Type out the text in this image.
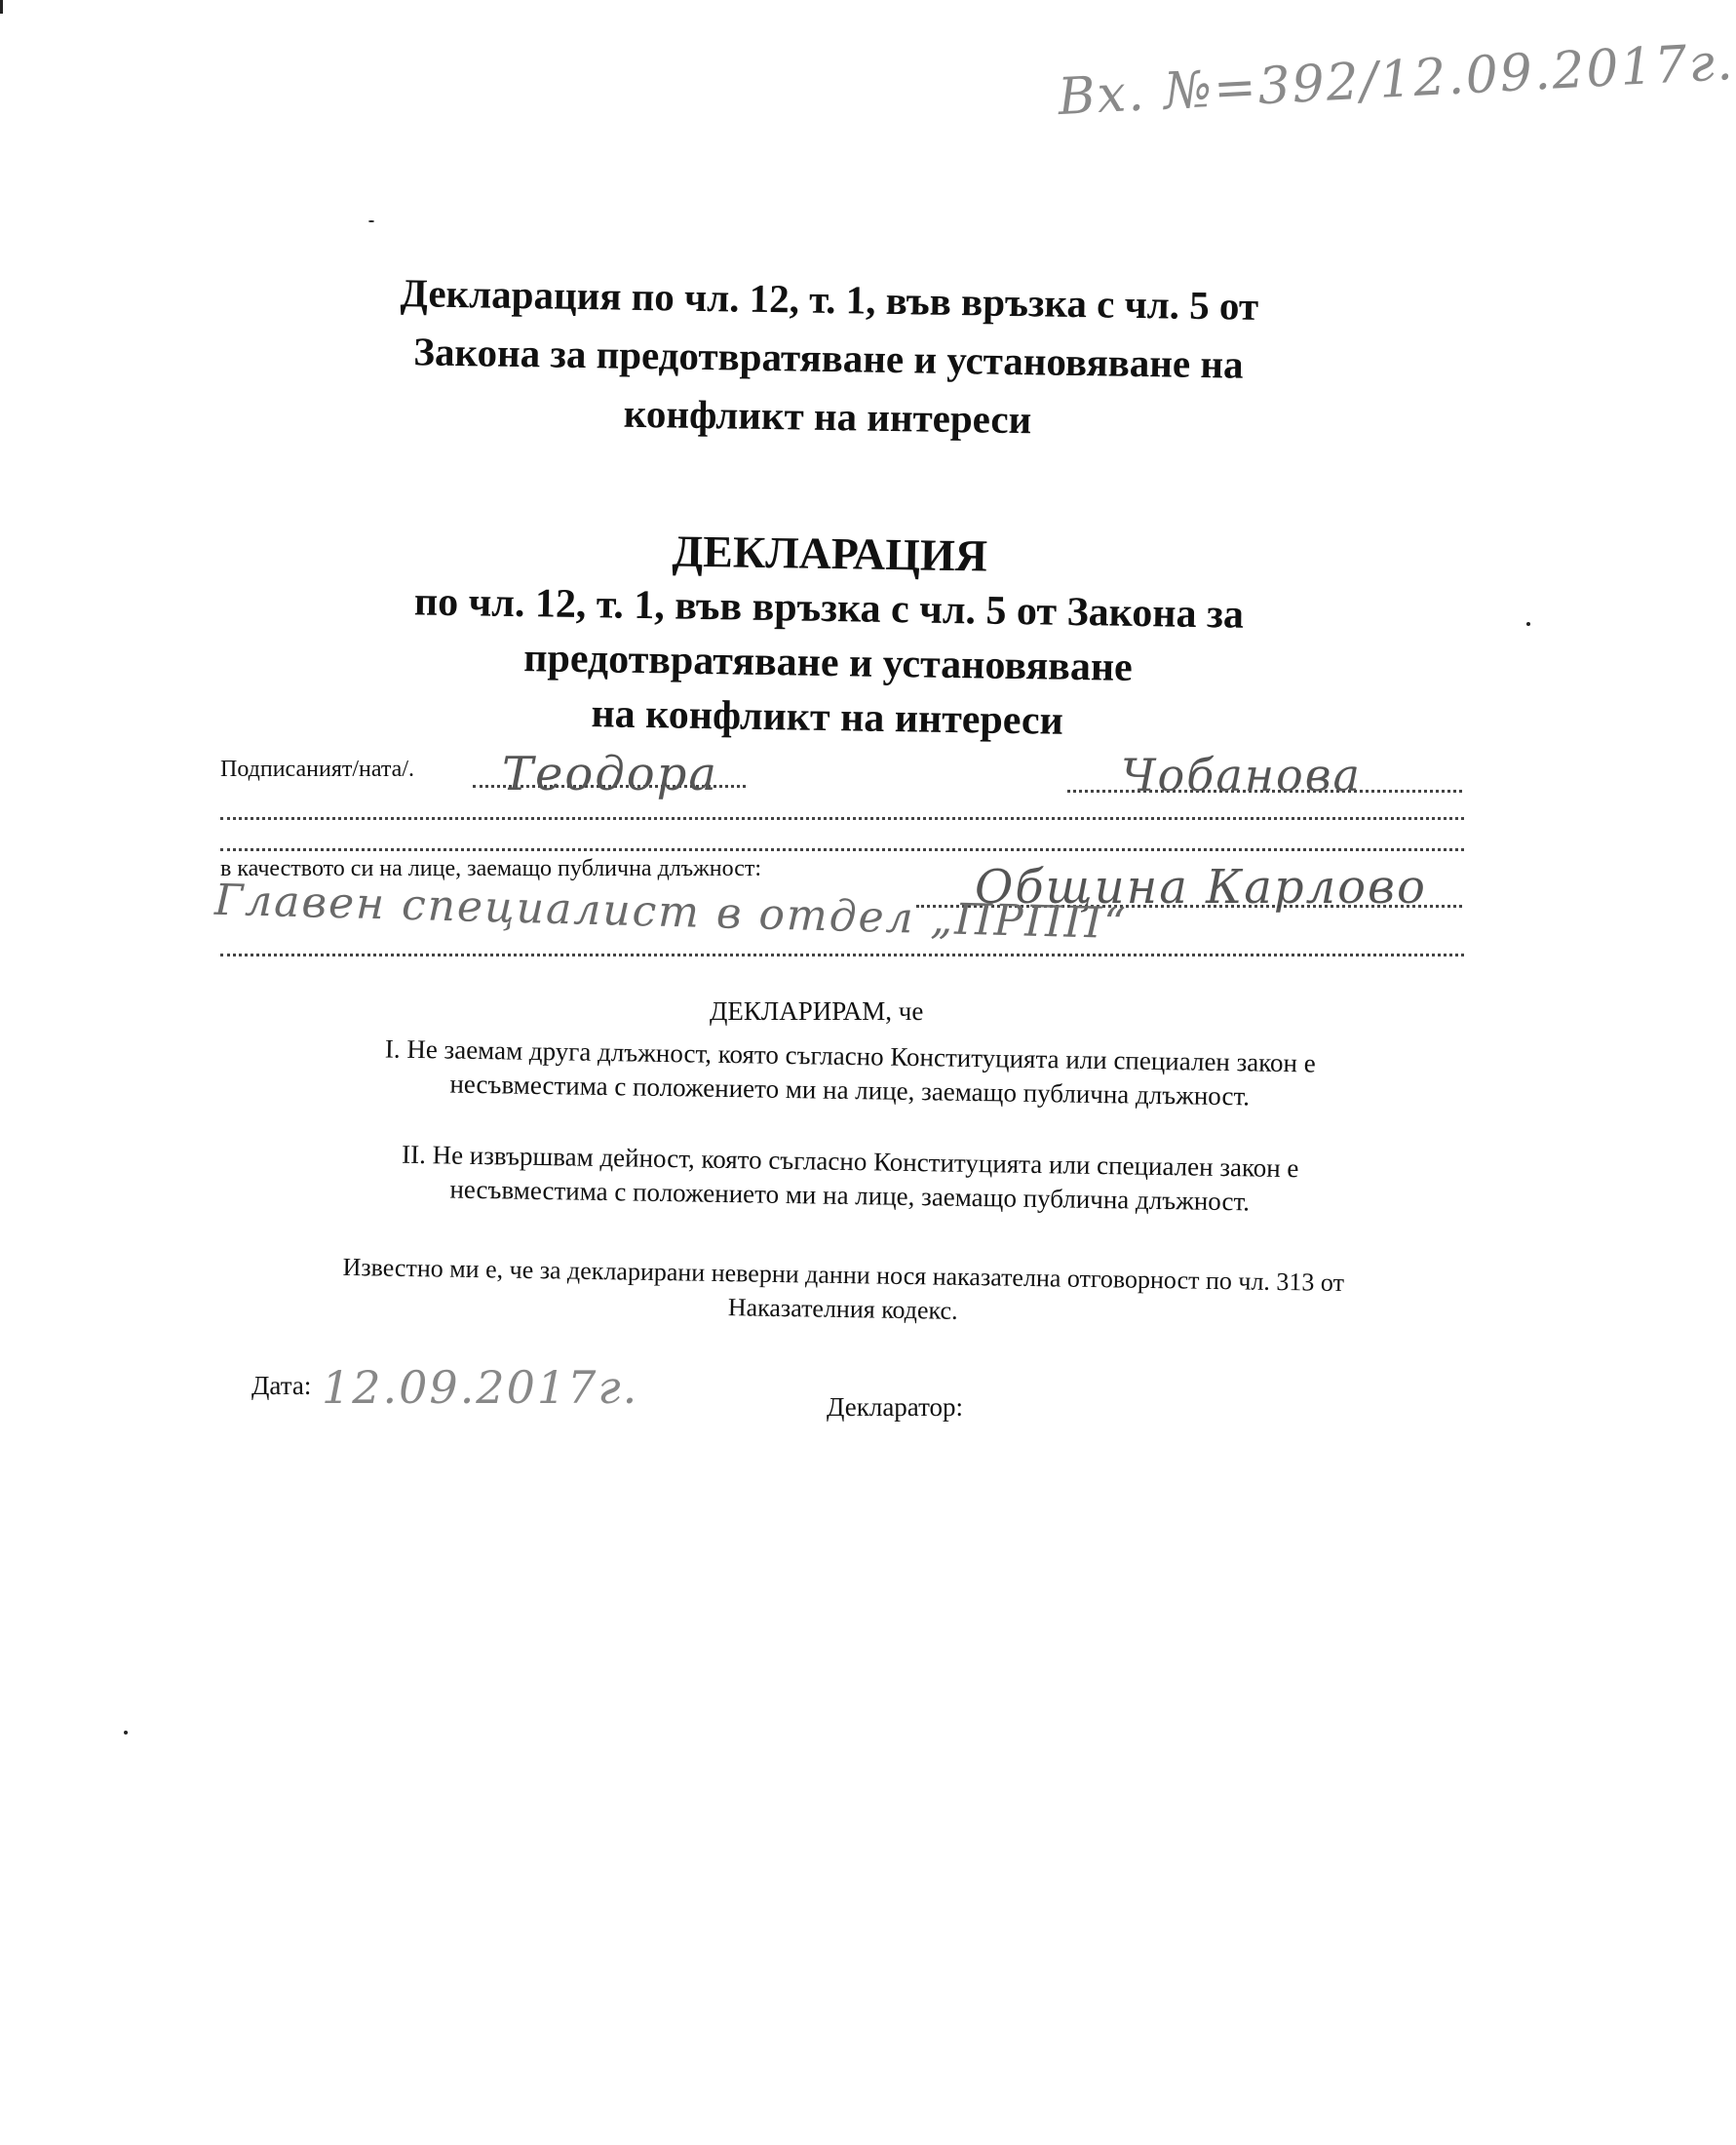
Вх. №=392/12.09.2017г.
Декларация по чл. 12, т. 1, във връзка с чл. 5 от
Закона за предотвратяване и установяване на
конфликт на интереси
ДЕКЛАРАЦИЯ
по чл. 12, т. 1, във връзка с чл. 5 от Закона за
предотвратяване и установяване
на конфликт на интереси
Подписаният/ната/. Теодора	Чобанова
в качеството си на лице, заемащо публична длъжност:	Община Карлово
Главен специалист в отдел „ПРПП“
ДЕКЛАРИРАМ, че
I. Не заемам друга длъжност, която съгласно Конституцията или специален закон е
несъвместима с положението ми на лице, заемащо публична длъжност.
II. Не извършвам дейност, която съгласно Конституцията или специален закон е
несъвместима с положението ми на лице, заемащо публична длъжност.
Известно ми е, че за декларирани неверни данни нося наказателна отговорност по чл. 313 от
Наказателния кодекс.
Дата: 12.09.2017г.	Декларатор:
